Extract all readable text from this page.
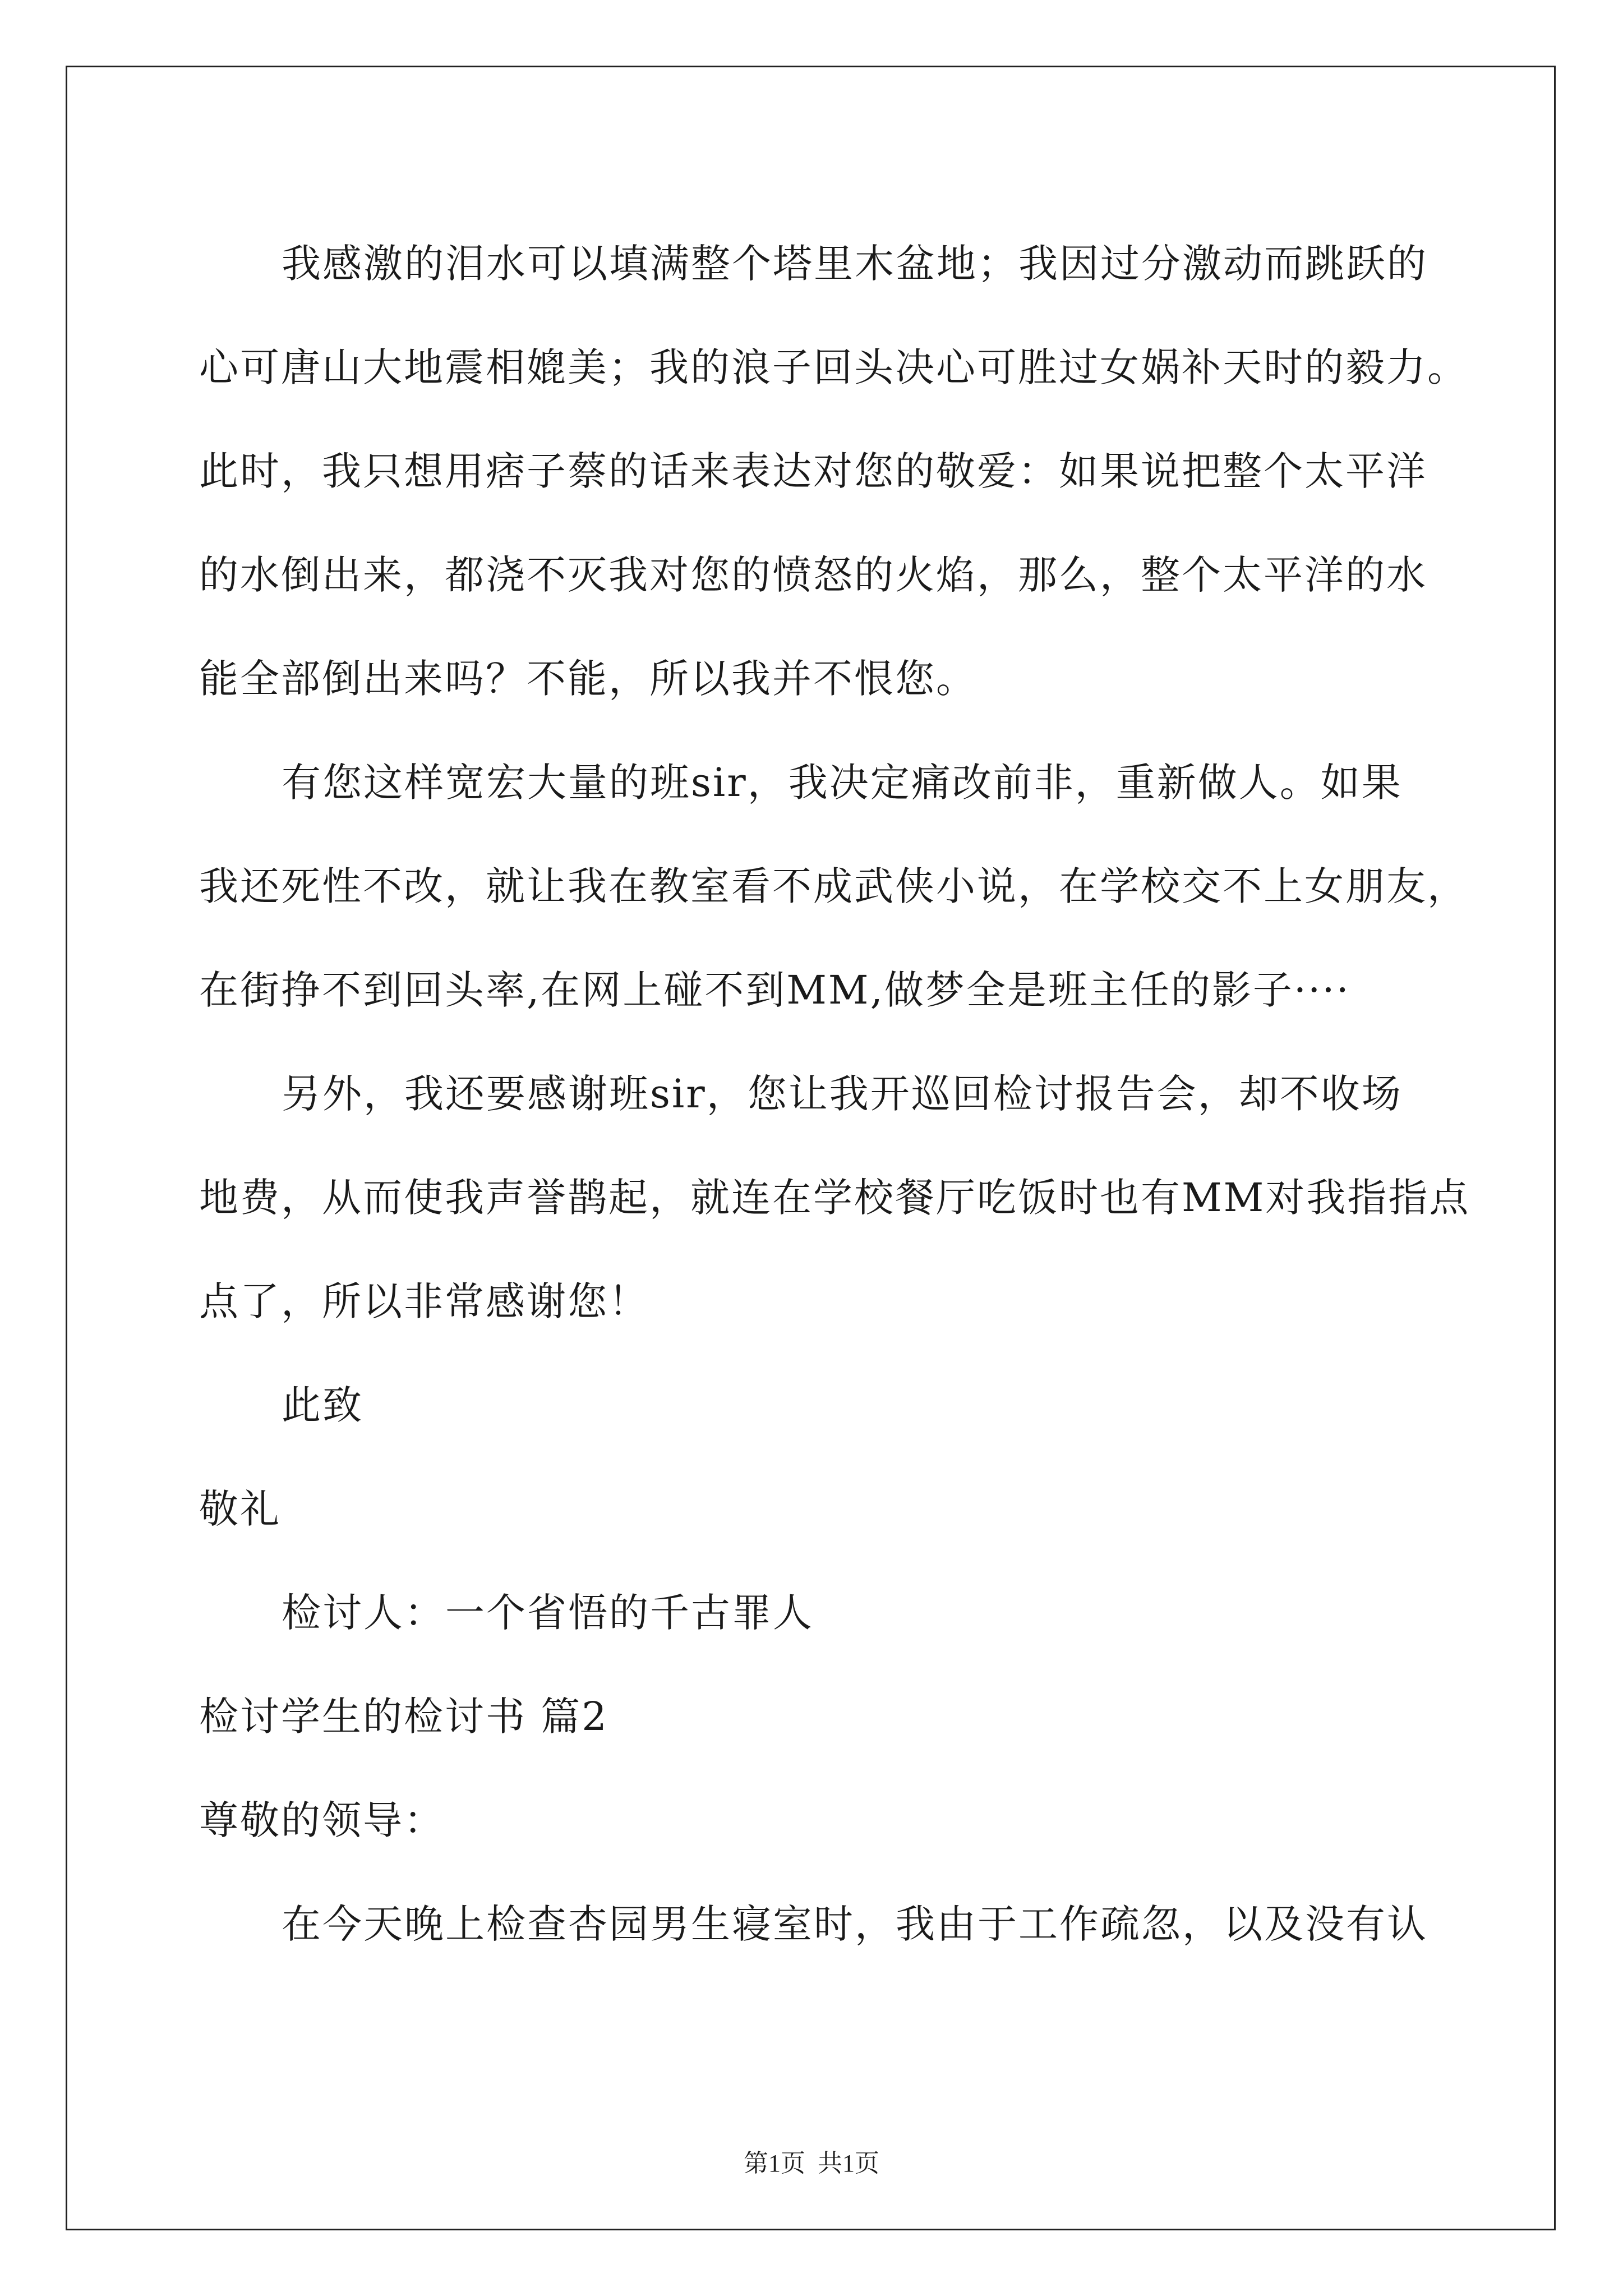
我感激的泪水可以填满整个塔里木盆地；我因过分激动而跳跃的
心可唐山大地震相媲美；我的浪子回头决心可胜过女娲补天时的毅力。
此时，我只想用痞子蔡的话来表达对您的敬爱：如果说把整个太平洋
的水倒出来，都浇不灭我对您的愤怒的火焰，那么，整个太平洋的水
能全部倒出来吗？不能，所以我并不恨您。
有您这样宽宏大量的班sir，我决定痛改前非，重新做人。如果
我还死性不改，就让我在教室看不成武侠小说，在学校交不上女朋友，
在街挣不到回头率,在网上碰不到MM,做梦全是班主任的影子····
另外，我还要感谢班sir，您让我开巡回检讨报告会，却不收场
地费，从而使我声誉鹊起，就连在学校餐厅吃饭时也有MM对我指指点
点了，所以非常感谢您！
此致
敬礼
检讨人：一个省悟的千古罪人
检讨学生的检讨书 篇2
尊敬的领导：
在今天晚上检查杏园男生寝室时，我由于工作疏忽，以及没有认
第1页  共1页
